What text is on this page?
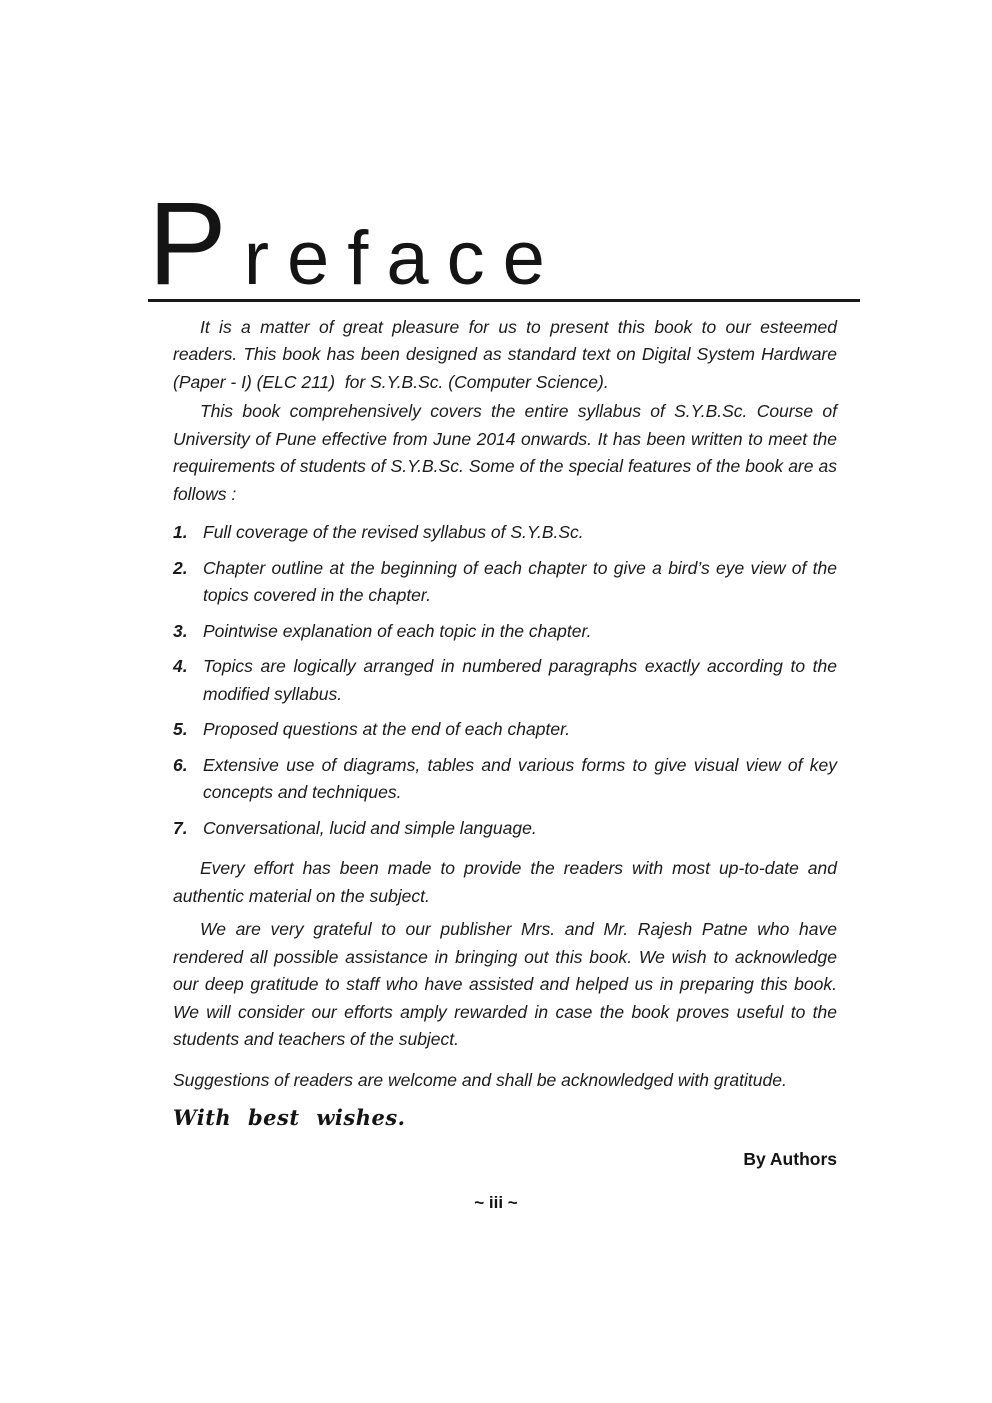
Preface

It is a matter of great pleasure for us to present this book to our esteemed readers. This book has been designed as standard text on Digital System Hardware (Paper - I) (ELC 211)  for S.Y.B.Sc. (Computer Science).

This book comprehensively covers the entire syllabus of S.Y.B.Sc. Course of University of Pune effective from June 2014 onwards. It has been written to meet the requirements of students of S.Y.B.Sc. Some of the special features of the book are as follows :

1. Full coverage of the revised syllabus of S.Y.B.Sc.
2. Chapter outline at the beginning of each chapter to give a bird’s eye view of the topics covered in the chapter.
3. Pointwise explanation of each topic in the chapter.
4. Topics are logically arranged in numbered paragraphs exactly according to the modified syllabus.
5. Proposed questions at the end of each chapter.
6. Extensive use of diagrams, tables and various forms to give visual view of key concepts and techniques.
7. Conversational, lucid and simple language.

Every effort has been made to provide the readers with most up-to-date and authentic material on the subject.

We are very grateful to our publisher Mrs. and Mr. Rajesh Patne who have rendered all possible assistance in bringing out this book. We wish to acknowledge our deep gratitude to staff who have assisted and helped us in preparing this book. We will consider our efforts amply rewarded in case the book proves useful to the students and teachers of the subject.

Suggestions of readers are welcome and shall be acknowledged with gratitude.

With best wishes.

By Authors

~ iii ~
